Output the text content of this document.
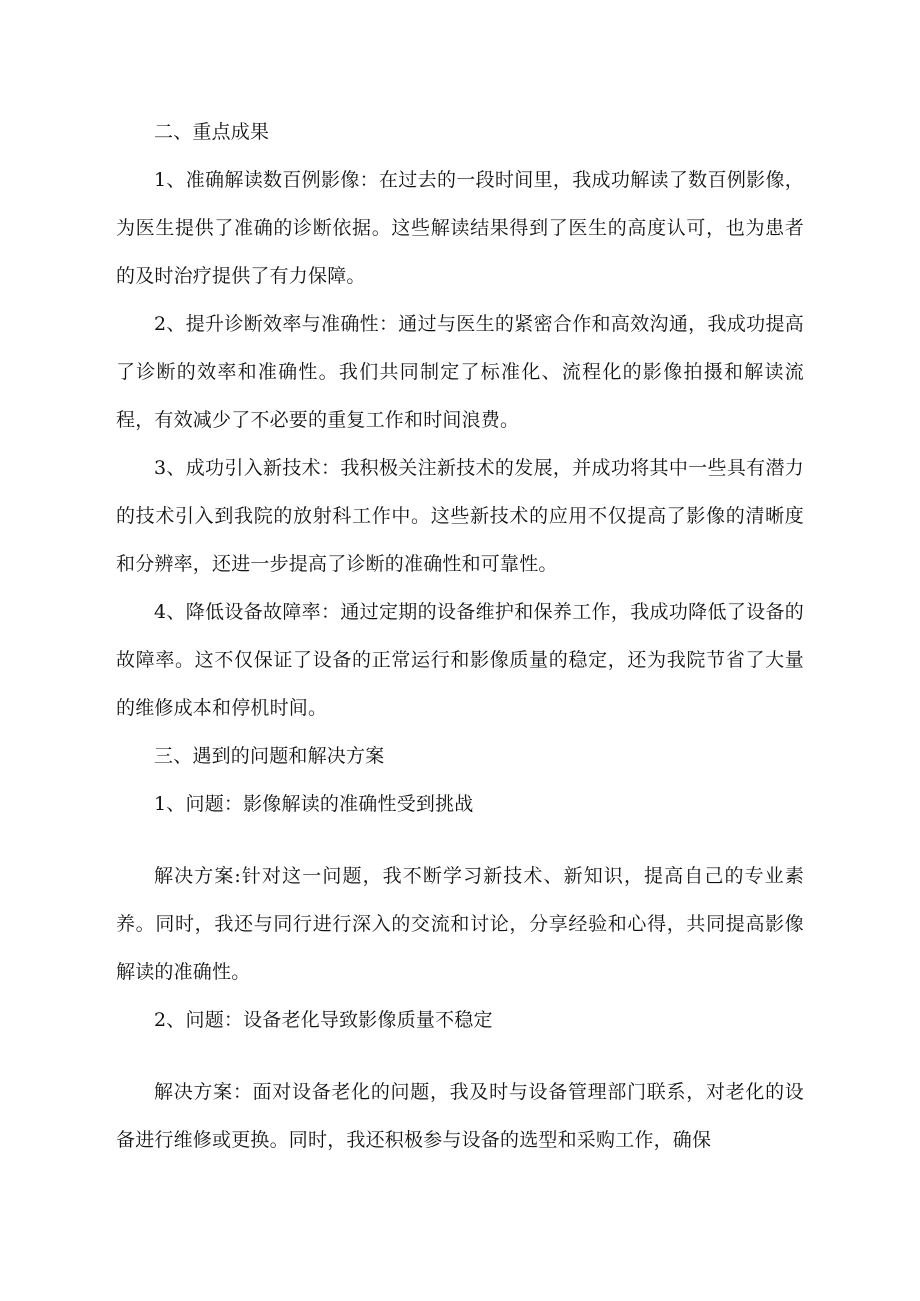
二、重点成果

1、准确解读数百例影像：在过去的一段时间里，我成功解读了数百例影像，为医生提供了准确的诊断依据。这些解读结果得到了医生的高度认可，也为患者的及时治疗提供了有力保障。

2、提升诊断效率与准确性：通过与医生的紧密合作和高效沟通，我成功提高了诊断的效率和准确性。我们共同制定了标准化、流程化的影像拍摄和解读流程，有效减少了不必要的重复工作和时间浪费。

3、成功引入新技术：我积极关注新技术的发展，并成功将其中一些具有潜力的技术引入到我院的放射科工作中。这些新技术的应用不仅提高了影像的清晰度和分辨率，还进一步提高了诊断的准确性和可靠性。

4、降低设备故障率：通过定期的设备维护和保养工作，我成功降低了设备的故障率。这不仅保证了设备的正常运行和影像质量的稳定，还为我院节省了大量的维修成本和停机时间。

三、遇到的问题和解决方案

1、问题：影像解读的准确性受到挑战

解决方案:针对这一问题，我不断学习新技术、新知识，提高自己的专业素养。同时，我还与同行进行深入的交流和讨论，分享经验和心得，共同提高影像解读的准确性。

2、问题：设备老化导致影像质量不稳定

解决方案：面对设备老化的问题，我及时与设备管理部门联系，对老化的设备进行维修或更换。同时，我还积极参与设备的选型和采购工作，确保
